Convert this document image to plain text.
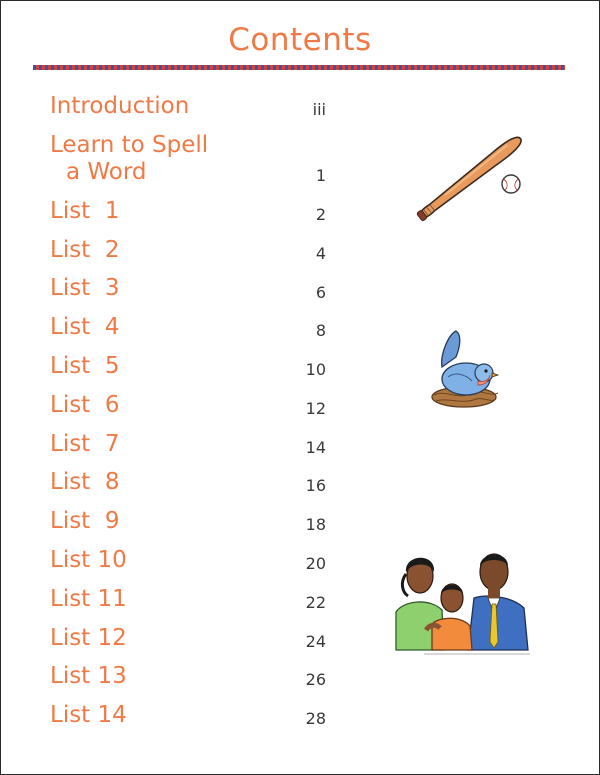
Contents
Introduction	iii
Learn to Spell
a Word	1
List  1	2
List  2	4
List  3	6
List  4	8
List  5	10
List  6	12
List  7	14
List  8	16
List  9	18
List 10	20
List 11	22
List 12	24
List 13	26
List 14	28
